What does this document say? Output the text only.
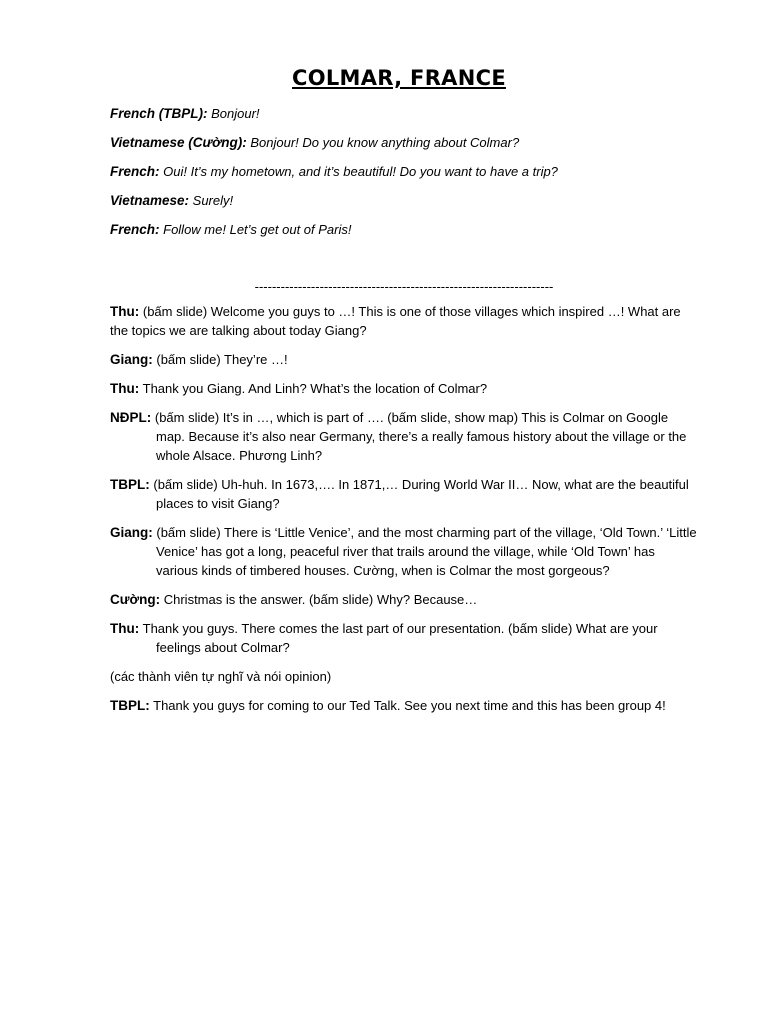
COLMAR, FRANCE
French (TBPL): Bonjour!
Vietnamese (Cường): Bonjour! Do you know anything about Colmar?
French: Oui! It’s my hometown, and it’s beautiful! Do you want to have a trip?
Vietnamese: Surely!
French: Follow me! Let’s get out of Paris!
---------------------------------------------------------------------
Thu: (bấm slide) Welcome you guys to …! This is one of those villages which inspired …! What are the topics we are talking about today Giang?
Giang: (bấm slide) They’re …!
Thu: Thank you Giang. And Linh? What’s the location of Colmar?
NĐPL: (bấm slide) It’s in …, which is part of …. (bấm slide, show map) This is Colmar on Google map. Because it’s also near Germany, there’s a really famous history about the village or the whole Alsace. Phương Linh?
TBPL: (bấm slide) Uh-huh. In 1673,…. In 1871,… During World War II… Now, what are the beautiful places to visit Giang?
Giang: (bấm slide) There is ‘Little Venice’, and the most charming part of the village, ‘Old Town.’ ‘Little Venice’ has got a long, peaceful river that trails around the village, while ‘Old Town’ has various kinds of timbered houses. Cường, when is Colmar the most gorgeous?
Cường: Christmas is the answer. (bấm slide) Why? Because…
Thu: Thank you guys. There comes the last part of our presentation. (bấm slide) What are your feelings about Colmar?
(các thành viên tự nghĩ và nói opinion)
TBPL: Thank you guys for coming to our Ted Talk. See you next time and this has been group 4!
